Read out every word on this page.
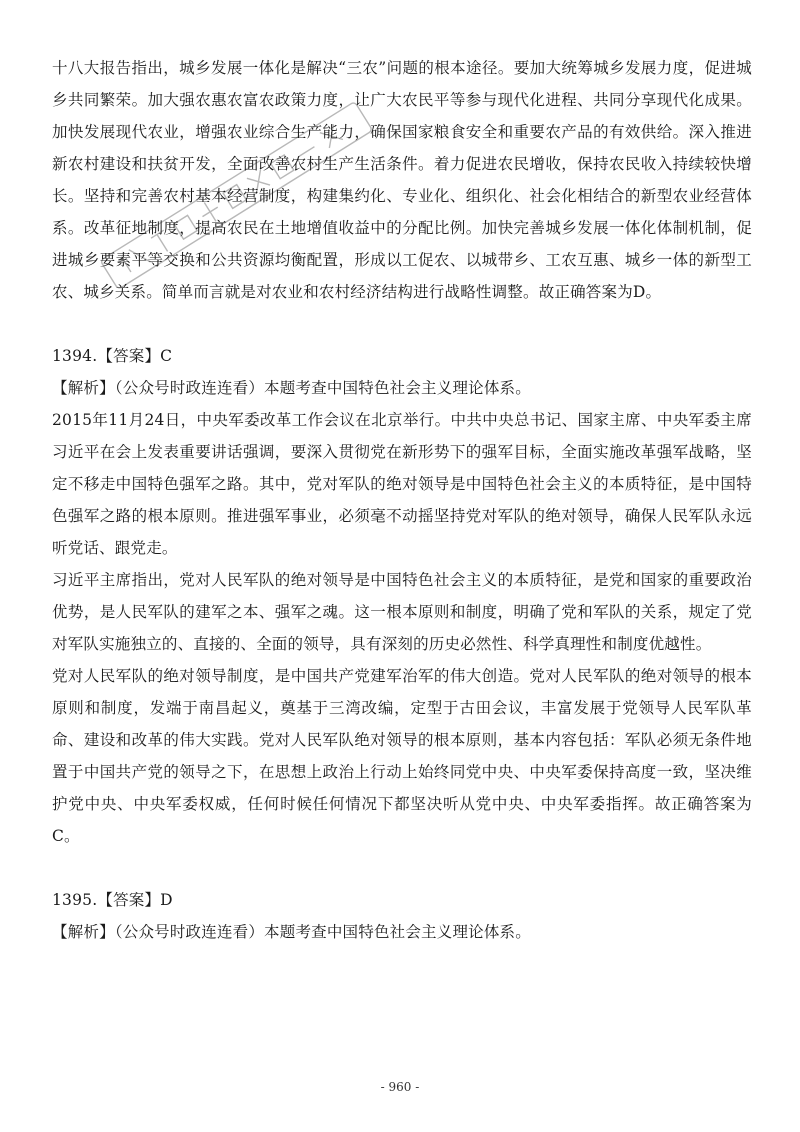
十八大报告指出，城乡发展一体化是解决“三农”问题的根本途径。要加大统筹城乡发展力度，促进城乡共同繁荣。加大强农惠农富农政策力度，让广大农民平等参与现代化进程、共同分享现代化成果。加快发展现代农业，增强农业综合生产能力，确保国家粮食安全和重要农产品的有效供给。深入推进新农村建设和扶贫开发，全面改善农村生产生活条件。着力促进农民增收，保持农民收入持续较快增长。坚持和完善农村基本经营制度，构建集约化、专业化、组织化、社会化相结合的新型农业经营体系。改革征地制度，提高农民在土地增值收益中的分配比例。加快完善城乡发展一体化体制机制，促进城乡要素平等交换和公共资源均衡配置，形成以工促农、以城带乡、工农互惠、城乡一体的新型工农、城乡关系。简单而言就是对农业和农村经济结构进行战略性调整。故正确答案为D。

1394.【答案】C

【解析】（公众号时政连连看）本题考查中国特色社会主义理论体系。

2015年11月24日，中央军委改革工作会议在北京举行。中共中央总书记、国家主席、中央军委主席习近平在会上发表重要讲话强调，要深入贯彻党在新形势下的强军目标，全面实施改革强军战略，坚定不移走中国特色强军之路。其中，党对军队的绝对领导是中国特色社会主义的本质特征，是中国特色强军之路的根本原则。推进强军事业，必须毫不动摇坚持党对军队的绝对领导，确保人民军队永远听党话、跟党走。

习近平主席指出，党对人民军队的绝对领导是中国特色社会主义的本质特征，是党和国家的重要政治优势，是人民军队的建军之本、强军之魂。这一根本原则和制度，明确了党和军队的关系，规定了党对军队实施独立的、直接的、全面的领导，具有深刻的历史必然性、科学真理性和制度优越性。

党对人民军队的绝对领导制度，是中国共产党建军治军的伟大创造。党对人民军队的绝对领导的根本原则和制度，发端于南昌起义，奠基于三湾改编，定型于古田会议，丰富发展于党领导人民军队革命、建设和改革的伟大实践。党对人民军队绝对领导的根本原则，基本内容包括：军队必须无条件地置于中国共产党的领导之下，在思想上政治上行动上始终同党中央、中央军委保持高度一致，坚决维护党中央、中央军委权威，任何时候任何情况下都坚决听从党中央、中央军委指挥。故正确答案为C。

1395.【答案】D

【解析】（公众号时政连连看）本题考查中国特色社会主义理论体系。

- 960 -
